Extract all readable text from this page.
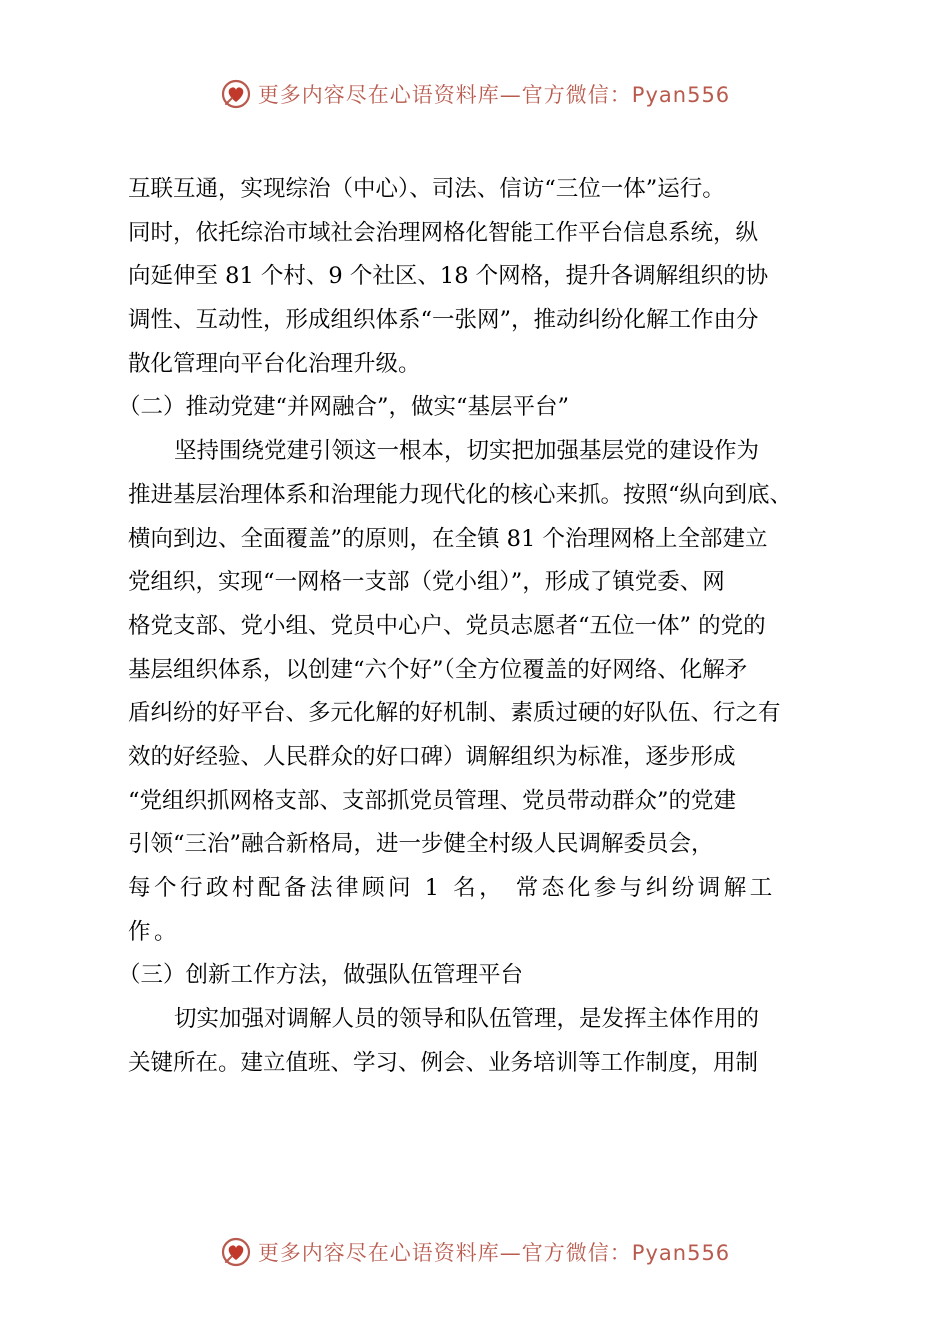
更多内容尽在心语资料库—官方微信：Pyan556
互联互通，实现综治（中心）、司法、信访“三位一体”运行。
同时，依托综治市域社会治理网格化智能工作平台信息系统，纵
向延伸至 81 个村、9 个社区、18 个网格，提升各调解组织的协
调性、互动性，形成组织体系“一张网”，推动纠纷化解工作由分
散化管理向平台化治理升级。
（二）推动党建“并网融合”，做实“基层平台”
坚持围绕党建引领这一根本，切实把加强基层党的建设作为
推进基层治理体系和治理能力现代化的核心来抓。按照“纵向到底、
横向到边、全面覆盖”的原则，在全镇 81 个治理网格上全部建立
党组织，实现“一网格一支部（党小组）”，形成了镇党委、网
格党支部、党小组、党员中心户、党员志愿者“五位一体” 的党的
基层组织体系，以创建“六个好”（全方位覆盖的好网络、化解矛
盾纠纷的好平台、多元化解的好机制、素质过硬的好队伍、行之有
效的好经验、人民群众的好口碑）调解组织为标准，逐步形成
“党组织抓网格支部、支部抓党员管理、党员带动群众”的党建
引领“三治”融合新格局，进一步健全村级人民调解委员会，
每个行政村配备法律顾问 1 名， 常态化参与纠纷调解工
作。
（三）创新工作方法，做强队伍管理平台
切实加强对调解人员的领导和队伍管理，是发挥主体作用的
关键所在。建立值班、学习、例会、业务培训等工作制度，用制
更多内容尽在心语资料库—官方微信：Pyan556
